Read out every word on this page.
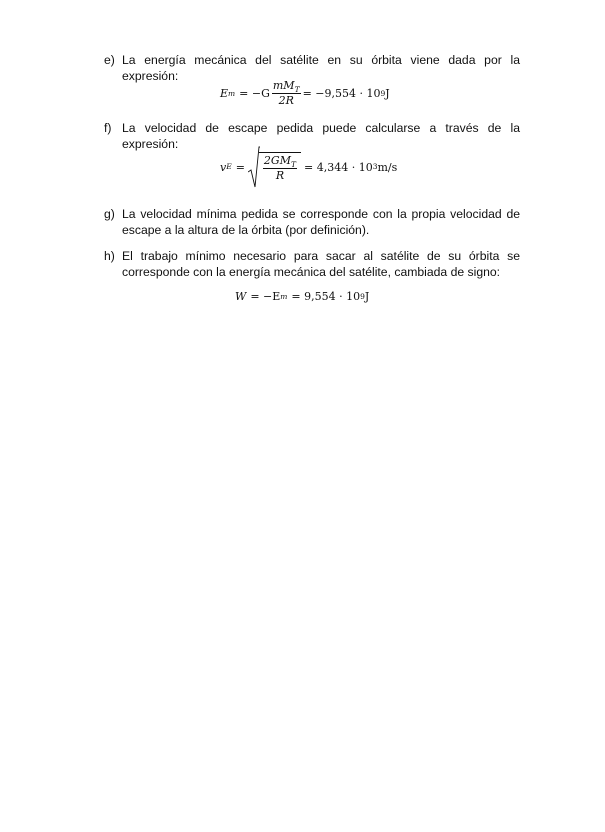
e) La energía mecánica del satélite en su órbita viene dada por la expresión:
E $m = -G \frac{mM_T}{2R} = -9,554 \cdot 10$ 9 J
f) La velocidad de escape pedida puede calcularse a través de la expresión:
v $E = \frac{2GM_T}{R} = 4,344 \cdot 10$ 3 m/s
g) La velocidad mínima pedida se corresponde con la propia velocidad de escape a la altura de la órbita (por definición).
h) El trabajo mínimo necesario para sacar al satélite de su órbita se corresponde con la energía mecánica del satélite, cambiada de signo:
W = −E m = 9,554 · 10 9 J
